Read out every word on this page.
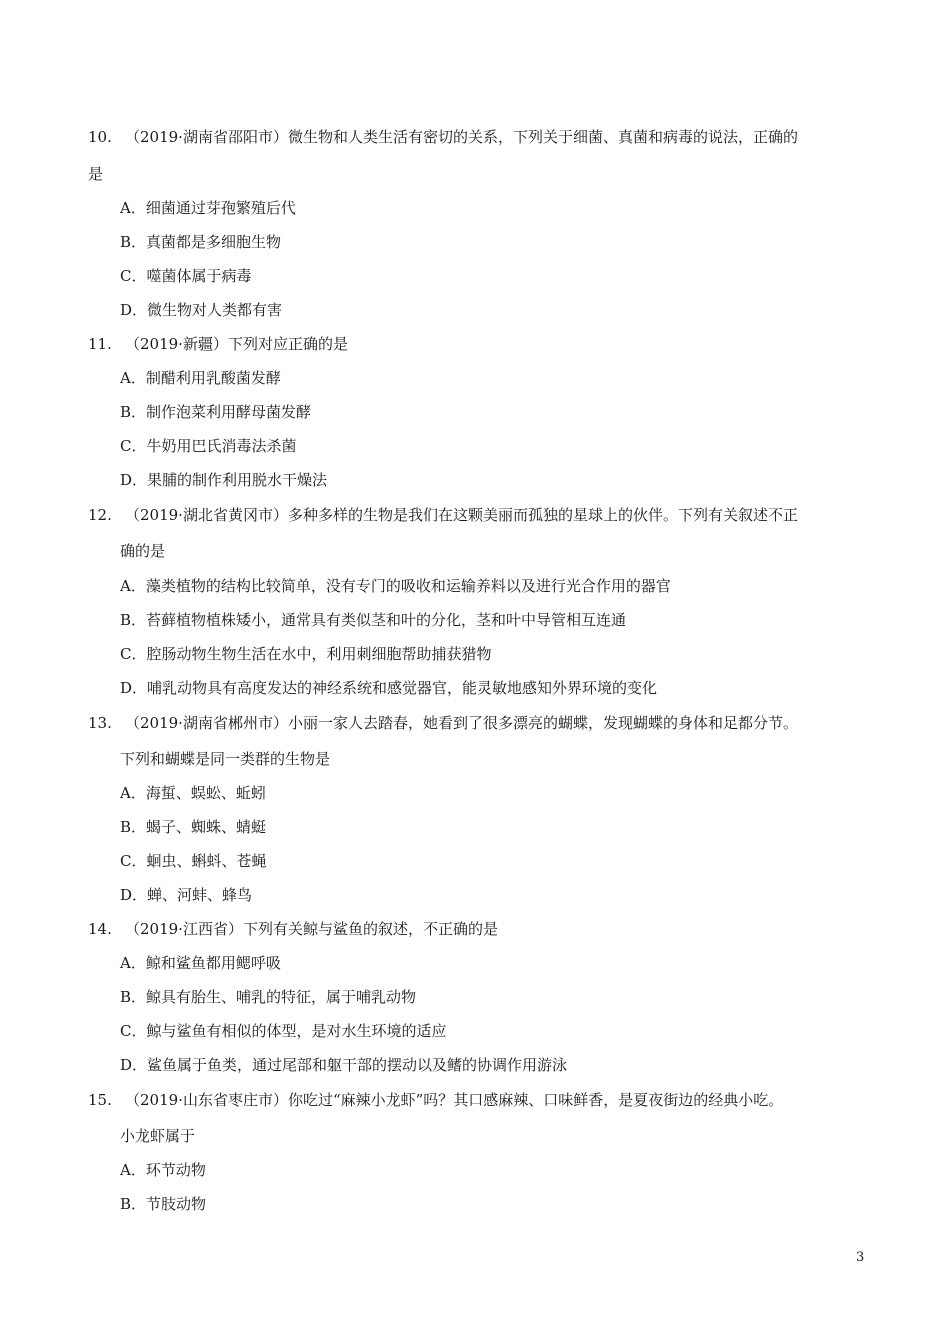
10. （2019·湖南省邵阳市）微生物和人类生活有密切的关系，下列关于细菌、真菌和病毒的说法，正确的
是
A．细菌通过芽孢繁殖后代
B．真菌都是多细胞生物
C．噬菌体属于病毒
D．微生物对人类都有害
11. （2019·新疆）下列对应正确的是
A．制醋利用乳酸菌发酵
B．制作泡菜利用酵母菌发酵
C．牛奶用巴氏消毒法杀菌
D．果脯的制作利用脱水干燥法
12. （2019·湖北省黄冈市）多种多样的生物是我们在这颗美丽而孤独的星球上的伙伴。下列有关叙述不正
确的是
A．藻类植物的结构比较简单，没有专门的吸收和运输养料以及进行光合作用的器官
B．苔藓植物植株矮小，通常具有类似茎和叶的分化，茎和叶中导管相互连通
C．腔肠动物生物生活在水中，利用刺细胞帮助捕获猎物
D．哺乳动物具有高度发达的神经系统和感觉器官，能灵敏地感知外界环境的变化
13. （2019·湖南省郴州市）小丽一家人去踏春，她看到了很多漂亮的蝴蝶，发现蝴蝶的身体和足都分节。
下列和蝴蝶是同一类群的生物是
A．海蜇、蜈蚣、蚯蚓
B．蝎子、蜘蛛、蜻蜓
C．蛔虫、蝌蚪、苍蝇
D．蝉、河蚌、蜂鸟
14. （2019·江西省）下列有关鲸与鲨鱼的叙述，不正确的是
A．鲸和鲨鱼都用鳃呼吸
B．鲸具有胎生、哺乳的特征，属于哺乳动物
C．鲸与鲨鱼有相似的体型，是对水生环境的适应
D．鲨鱼属于鱼类，通过尾部和躯干部的摆动以及鳍的协调作用游泳
15. （2019·山东省枣庄市）你吃过“麻辣小龙虾”吗？其口感麻辣、口味鲜香，是夏夜街边的经典小吃。
小龙虾属于
A．环节动物
B．节肢动物
3
